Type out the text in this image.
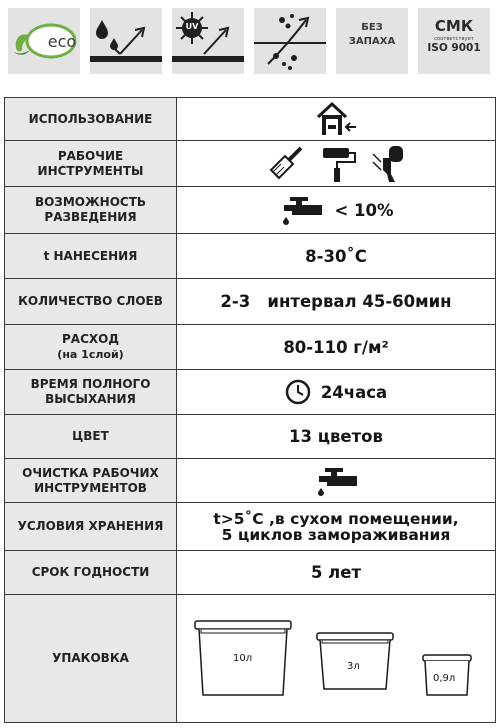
eco
UV	БЕЗ
ЗАПАХА
СМК
соответствует
ISO 9001
ИСПОЛЬЗОВАНИЕ
РАБОЧИЕ ИНСТРУМЕНТЫ
ВОЗМОЖНОСТЬ РАЗВЕДЕНИЯ	< 10%
t НАНЕСЕНИЯ	8-30˚С
КОЛИЧЕСТВО СЛОЕВ	2-3   интервал 45-60мин
РАСХОД
(на 1слой)	80-110 г/м²
ВРЕМЯ ПОЛНОГО ВЫСЫХАНИЯ	24часа
ЦВЕТ	13 цветов
ОЧИСТКА РАБОЧИХ ИНСТРУМЕНТОВ
УСЛОВИЯ ХРАНЕНИЯ	t>5˚С ,в сухом помещении,
5 циклов замораживания
СРОК ГОДНОСТИ	5 лет
УПАКОВКА	10л
3л
0,9л
